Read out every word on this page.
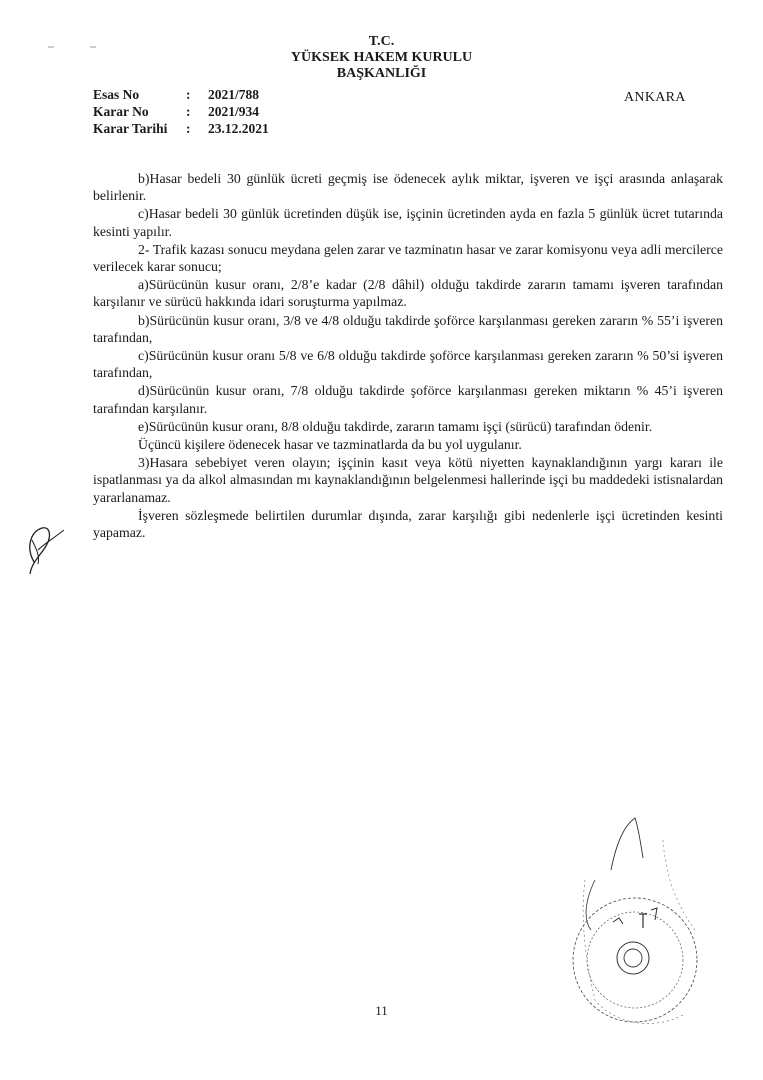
T.C.
YÜKSEK HAKEM KURULU
BAŞKANLIĞI
Esas No	:	2021/788
Karar No	:	2021/934
Karar Tarihi	:	23.12.2021
ANKARA

b)Hasar bedeli 30 günlük ücreti geçmiş ise ödenecek aylık miktar, işveren ve işçi arasında anlaşarak belirlenir.

c)Hasar bedeli 30 günlük ücretinden düşük ise, işçinin ücretinden ayda en fazla 5 günlük ücret tutarında kesinti yapılır.

2- Trafik kazası sonucu meydana gelen zarar ve tazminatın hasar ve zarar komisyonu veya adli mercilerce verilecek karar sonucu;

a)Sürücünün kusur oranı, 2/8’e kadar (2/8 dâhil) olduğu takdirde zararın tamamı işveren tarafından karşılanır ve sürücü hakkında idari soruşturma yapılmaz.

b)Sürücünün kusur oranı, 3/8 ve 4/8 olduğu takdirde şoförce karşılanması gereken zararın % 55’i işveren tarafından,

c)Sürücünün kusur oranı 5/8 ve 6/8 olduğu takdirde şoförce karşılanması gereken zararın % 50’si işveren tarafından,

d)Sürücünün kusur oranı, 7/8 olduğu takdirde şoförce karşılanması gereken miktarın % 45’i işveren tarafından karşılanır.

e)Sürücünün kusur oranı, 8/8 olduğu takdirde, zararın tamamı işçi (sürücü) tarafından ödenir.

Üçüncü kişilere ödenecek hasar ve tazminatlarda da bu yol uygulanır.

3)Hasara sebebiyet veren olayın; işçinin kasıt veya kötü niyetten kaynaklandığının yargı kararı ile ispatlanması ya da alkol almasından mı kaynaklandığının belgelenmesi hallerinde işçi bu maddedeki istisnalardan yararlanamaz.

İşveren sözleşmede belirtilen durumlar dışında, zarar karşılığı gibi nedenlerle işçi ücretinden kesinti yapamaz.

11
